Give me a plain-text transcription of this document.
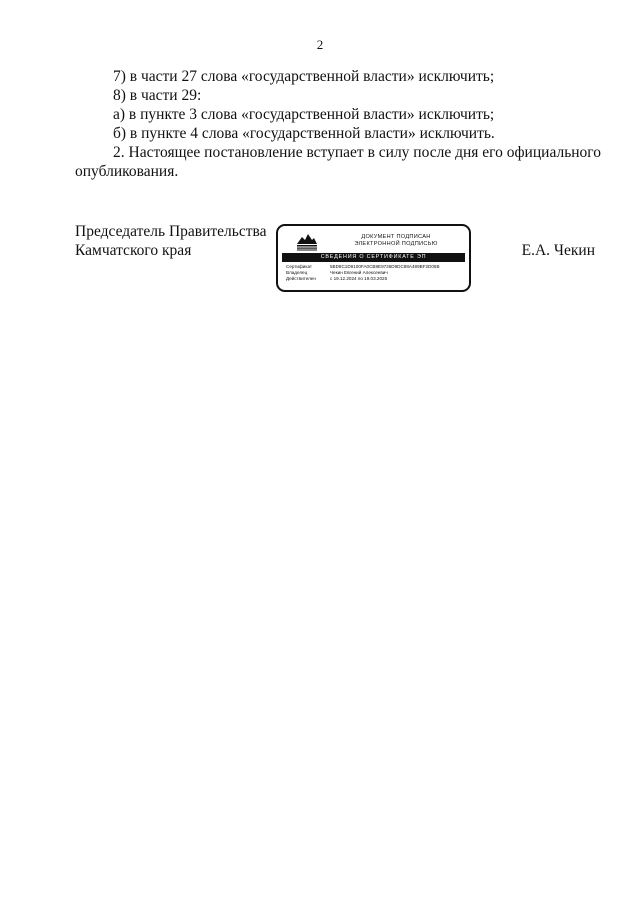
2
7) в части 27 слова «государственной власти» исключить;
8) в части 29:
а) в пункте 3 слова «государственной власти» исключить;
б) в пункте 4 слова «государственной власти» исключить.
2. Настоящее постановление вступает в силу после дня его официального
опубликования.
Председатель Правительства
Камчатского края
ДОКУМЕНТ ПОДПИСАН
ЭЛЕКТРОННОЙ ПОДПИСЬЮ
СВЕДЕНИЯ О СЕРТИФИКАТЕ ЭП
Сертификат	5BD8C1D9100FA0CB8E9736D9DC98A489BF2D05B
Владелец	Чекин Евгений Алексеевич
Действителен	с 19.12.2024 по 19.03.2026
Е.А. Чекин
